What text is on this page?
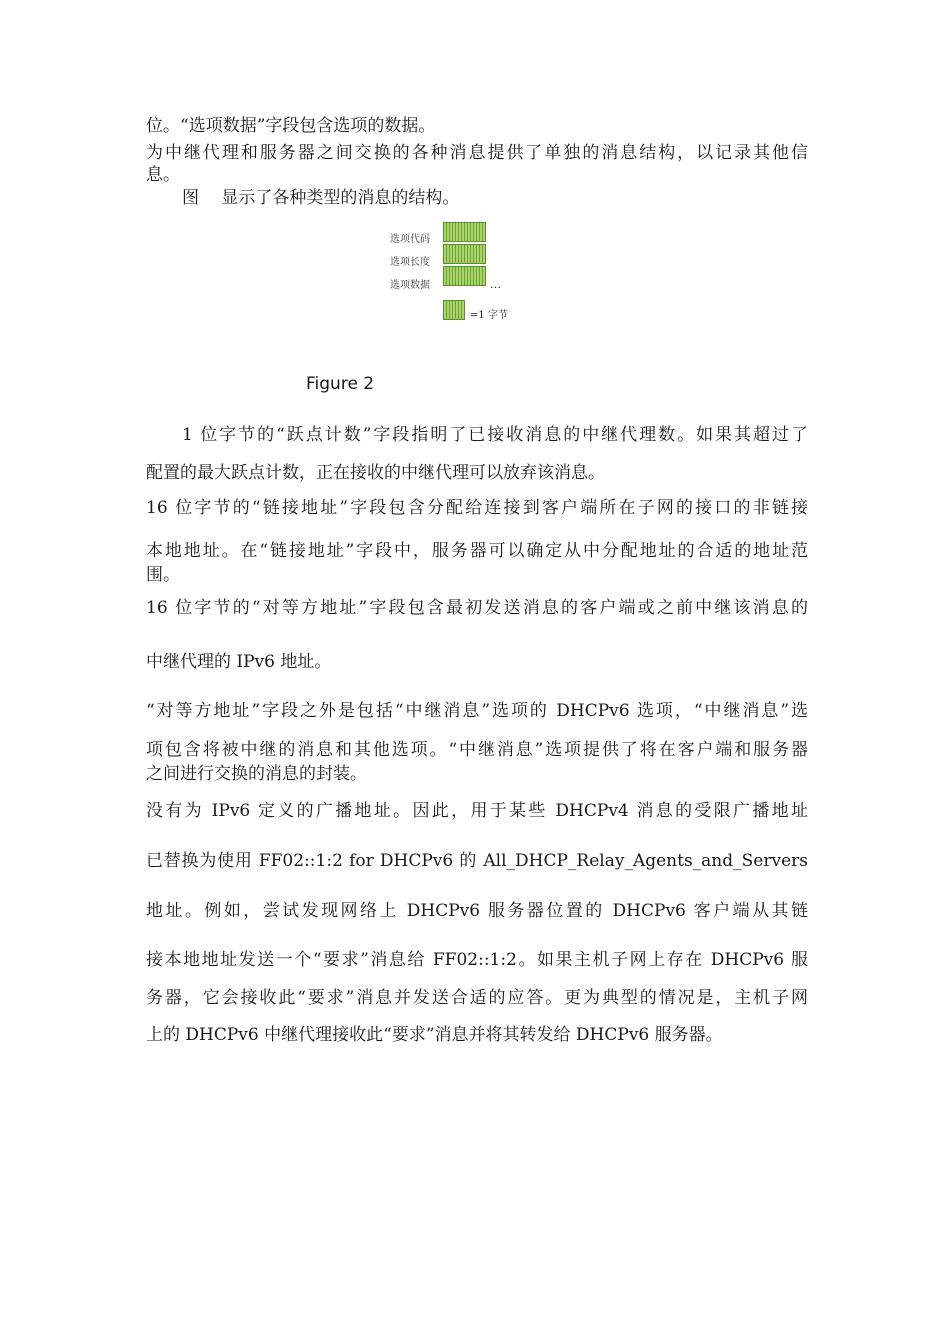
位。“选项数据”字段包含选项的数据。
为中继代理和服务器之间交换的各种消息提供了单独的消息结构，以记录其他信
息。
图　 显示了各种类型的消息的结构。
选项代码
选项长度
选项数据	…
=1 字节
Figure 2
1 位字节的“跃点计数”字段指明了已接收消息的中继代理数。如果其超过了
配置的最大跃点计数，正在接收的中继代理可以放弃该消息。
16 位字节的“链接地址”字段包含分配给连接到客户端所在子网的接口的非链接
本地地址。在“链接地址”字段中，服务器可以确定从中分配地址的合适的地址范
围。
16 位字节的“对等方地址”字段包含最初发送消息的客户端或之前中继该消息的
中继代理的 IPv6 地址。
“对等方地址”字段之外是包括“中继消息”选项的 DHCPv6 选项，“中继消息”选
项包含将被中继的消息和其他选项。“中继消息”选项提供了将在客户端和服务器
之间进行交换的消息的封装。
没有为 IPv6 定义的广播地址。因此，用于某些 DHCPv4 消息的受限广播地址
已替换为使用 FF02::1:2 for DHCPv6 的 All_DHCP_Relay_Agents_and_Servers
地址。例如，尝试发现网络上 DHCPv6 服务器位置的 DHCPv6 客户端从其链
接本地地址发送一个“要求”消息给 FF02::1:2。如果主机子网上存在 DHCPv6 服
务器，它会接收此“要求”消息并发送合适的应答。更为典型的情况是，主机子网
上的 DHCPv6 中继代理接收此“要求”消息并将其转发给 DHCPv6 服务器。
